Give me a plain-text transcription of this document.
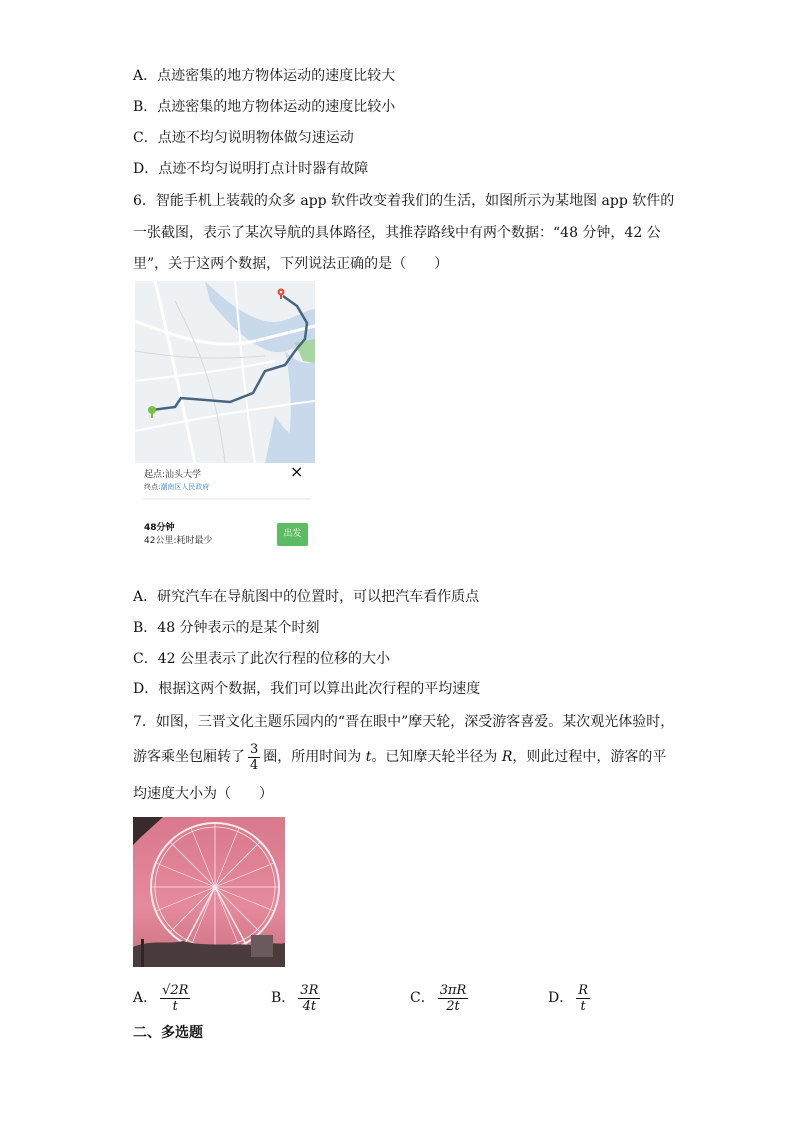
A．点迹密集的地方物体运动的速度比较大
B．点迹密集的地方物体运动的速度比较小
C．点迹不均匀说明物体做匀速运动
D．点迹不均匀说明打点计时器有故障
6．智能手机上装载的众多 app 软件改变着我们的生活，如图所示为某地图 app 软件的
一张截图，表示了某次导航的具体路径，其推荐路线中有两个数据：“48 分钟，42 公
里”，关于这两个数据，下列说法正确的是（　　）
起点:汕头大学
终点:潮南区人民政府
×
48分钟
42公里:耗时最少
出发
A．研究汽车在导航图中的位置时，可以把汽车看作质点
B．48 分钟表示的是某个时刻
C．42 公里表示了此次行程的位移的大小
D．根据这两个数据，我们可以算出此次行程的平均速度
7．如图，三晋文化主题乐园内的“晋在眼中”摩天轮，深受游客喜爱。某次观光体验时，
游客乘坐包厢转了 $\frac{3}{4}$ 圈，所用时间为 t。已知摩天轮半径为 R，则此过程中，游客的平
均速度大小为（　　）
A． $\frac{√2R}{t}$	B． $\frac{3R}{4t}$	C． $\frac{3\pi R}{2t}$	D． $\frac{R}{t}$
二、多选题
